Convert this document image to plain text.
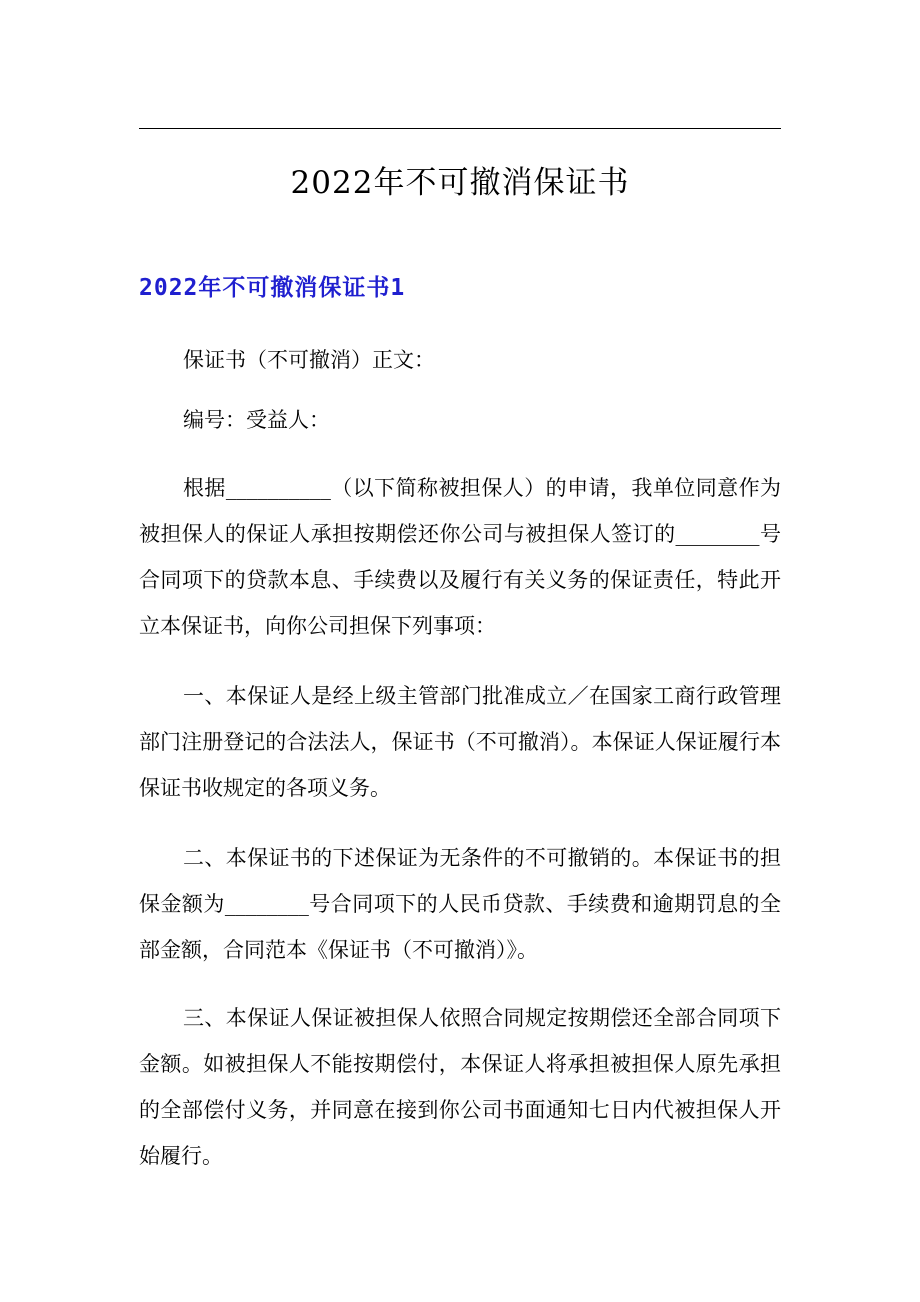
2022年不可撤消保证书
2022年不可撤消保证书1

保证书（不可撤消）正文：

编号：受益人：

根据__________（以下简称被担保人）的申请，我单位同意作为被担保人的保证人承担按期偿还你公司与被担保人签订的________号合同项下的贷款本息、手续费以及履行有关义务的保证责任，特此开立本保证书，向你公司担保下列事项：

一、本保证人是经上级主管部门批准成立／在国家工商行政管理部门注册登记的合法法人，保证书（不可撤消）。本保证人保证履行本保证书收规定的各项义务。

二、本保证书的下述保证为无条件的不可撤销的。本保证书的担保金额为________号合同项下的人民币贷款、手续费和逾期罚息的全部金额，合同范本《保证书（不可撤消）》。

三、本保证人保证被担保人依照合同规定按期偿还全部合同项下金额。如被担保人不能按期偿付，本保证人将承担被担保人原先承担的全部偿付义务，并同意在接到你公司书面通知七日内代被担保人开始履行。
